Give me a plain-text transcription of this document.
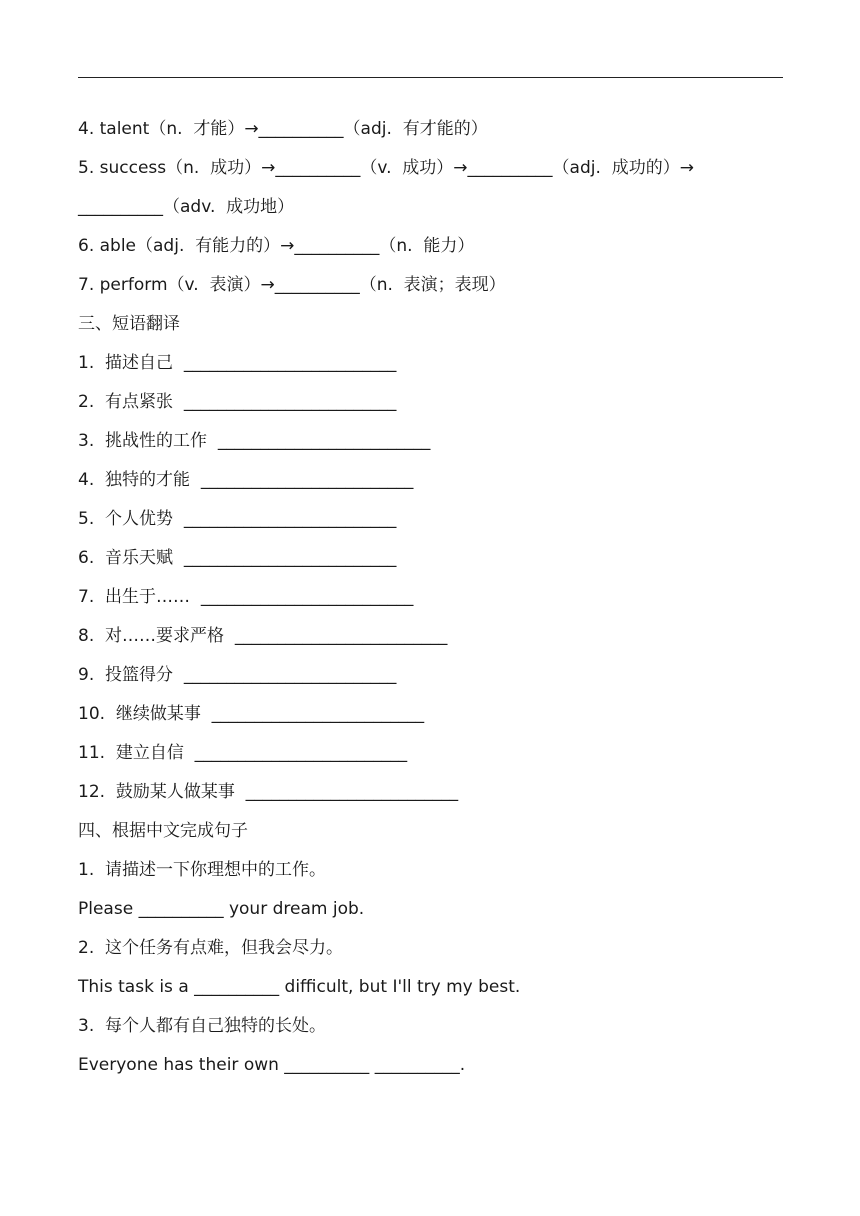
4. talent（n.  才能）→__________（adj.  有才能的）
5. success（n.  成功）→__________（v.  成功）→__________（adj.  成功的）→
__________（adv.  成功地）
6. able（adj.  有能力的）→__________（n.  能力）
7. perform（v.  表演）→__________（n.  表演；表现）
三、短语翻译
1.  描述自己  _________________________
2.  有点紧张  _________________________
3.  挑战性的工作  _________________________
4.  独特的才能  _________________________
5.  个人优势  _________________________
6.  音乐天赋  _________________________
7.  出生于……  _________________________
8.  对……要求严格  _________________________
9.  投篮得分  _________________________
10.  继续做某事  _________________________
11.  建立自信  _________________________
12.  鼓励某人做某事  _________________________
四、根据中文完成句子
1.  请描述一下你理想中的工作。
Please __________ your dream job.
2.  这个任务有点难，但我会尽力。
This task is a __________ difficult, but I'll try my best.
3.  每个人都有自己独特的长处。
Everyone has their own __________ __________.
